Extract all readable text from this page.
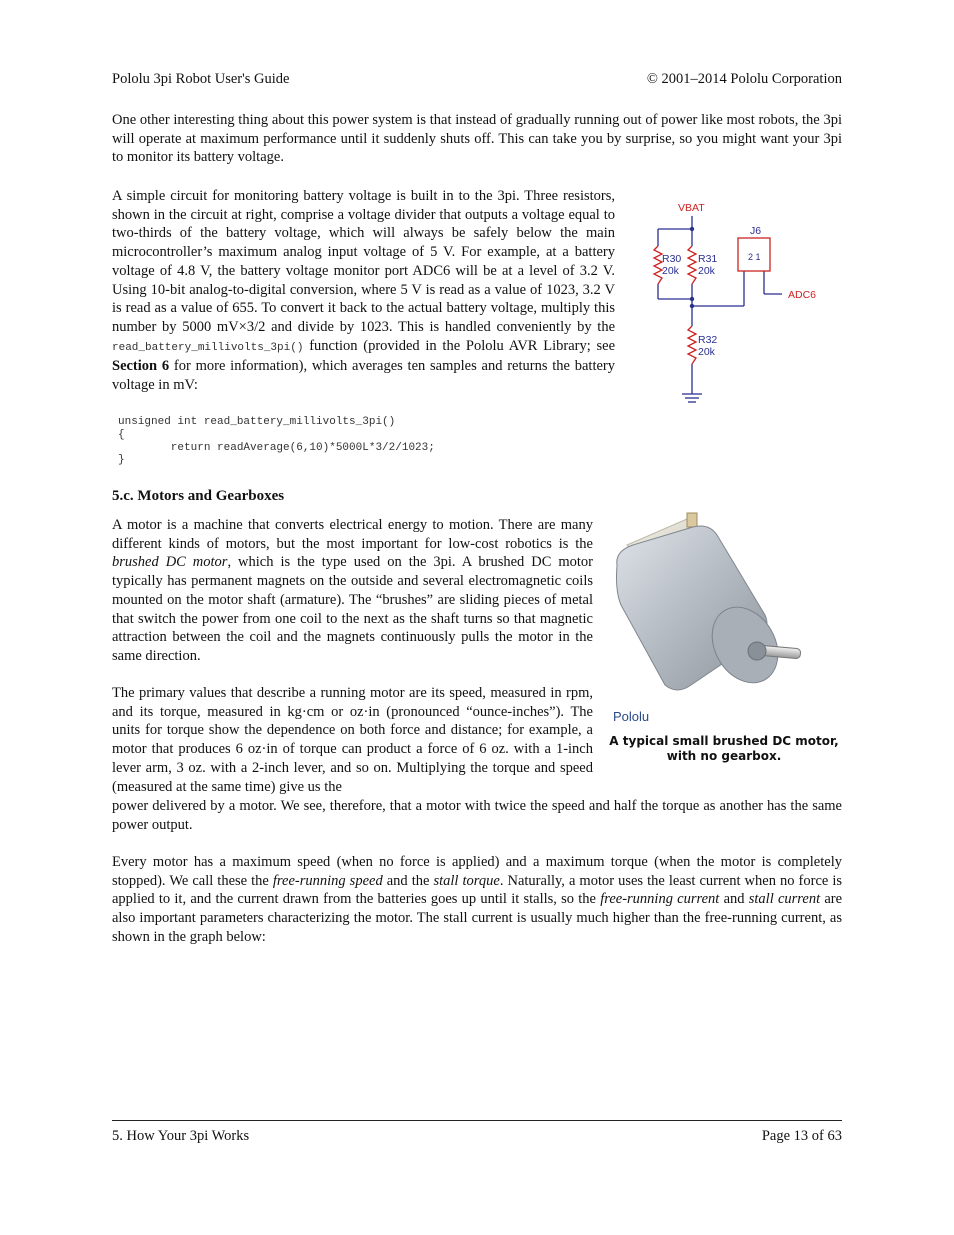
Pololu 3pi Robot User's Guide	© 2001–2014 Pololu Corporation

One other interesting thing about this power system is that instead of gradually running out of power like most robots, the 3pi will operate at maximum performance until it suddenly shuts off. This can take you by surprise, so you might want your 3pi to monitor its battery voltage.

A simple circuit for monitoring battery voltage is built in to the 3pi. Three resistors, shown in the circuit at right, comprise a voltage divider that outputs a voltage equal to two-thirds of the battery voltage, which will always be safely below the main microcontroller’s maximum analog input voltage of 5 V. For example, at a battery voltage of 4.8 V, the battery voltage monitor port ADC6 will be at a level of 3.2 V. Using 10-bit analog-to-digital conversion, where 5 V is read as a value of 1023, 3.2 V is read as a value of 655. To convert it back to the actual battery voltage, multiply this number by 5000 mV×3/2 and divide by 1023. This is handled conveniently by the read_battery_millivolts_3pi() function (provided in the Pololu AVR Library; see Section 6 for more information), which averages ten samples and returns the battery voltage in mV:

VBAT
R30
20k
R31
20k
R32
20k
J6
2 1
ADC6
unsigned int read_battery_millivolts_3pi()
{
return readAverage(6,10)*5000L*3/2/1023;
}
5.c. Motors and Gearboxes

A motor is a machine that converts electrical energy to motion. There are many different kinds of motors, but the most important for low-cost robotics is the brushed DC motor, which is the type used on the 3pi. A brushed DC motor typically has permanent magnets on the outside and several electromagnetic coils mounted on the motor shaft (armature). The “brushes” are sliding pieces of metal that switch the power from one coil to the next as the shaft turns so that magnetic attraction between the coil and the magnets continuously pulls the motor in the same direction.

Pololu
A typical small brushed DC motor, with no gearbox.

The primary values that describe a running motor are its speed, measured in rpm, and its torque, measured in kg·cm or oz·in (pronounced “ounce-inches”). The units for torque show the dependence on both force and distance; for example, a motor that produces 6 oz·in of torque can product a force of 6 oz. with a 1-inch lever arm, 3 oz. with a 2-inch lever, and so on. Multiplying the torque and speed (measured at the same time) give us the

power delivered by a motor. We see, therefore, that a motor with twice the speed and half the torque as another has the same power output.

Every motor has a maximum speed (when no force is applied) and a maximum torque (when the motor is completely stopped). We call these the free-running speed and the stall torque. Naturally, a motor uses the least current when no force is applied to it, and the current drawn from the batteries goes up until it stalls, so the free-running current and stall current are also important parameters characterizing the motor. The stall current is usually much higher than the free-running current, as shown in the graph below:

5. How Your 3pi Works	Page 13 of 63
